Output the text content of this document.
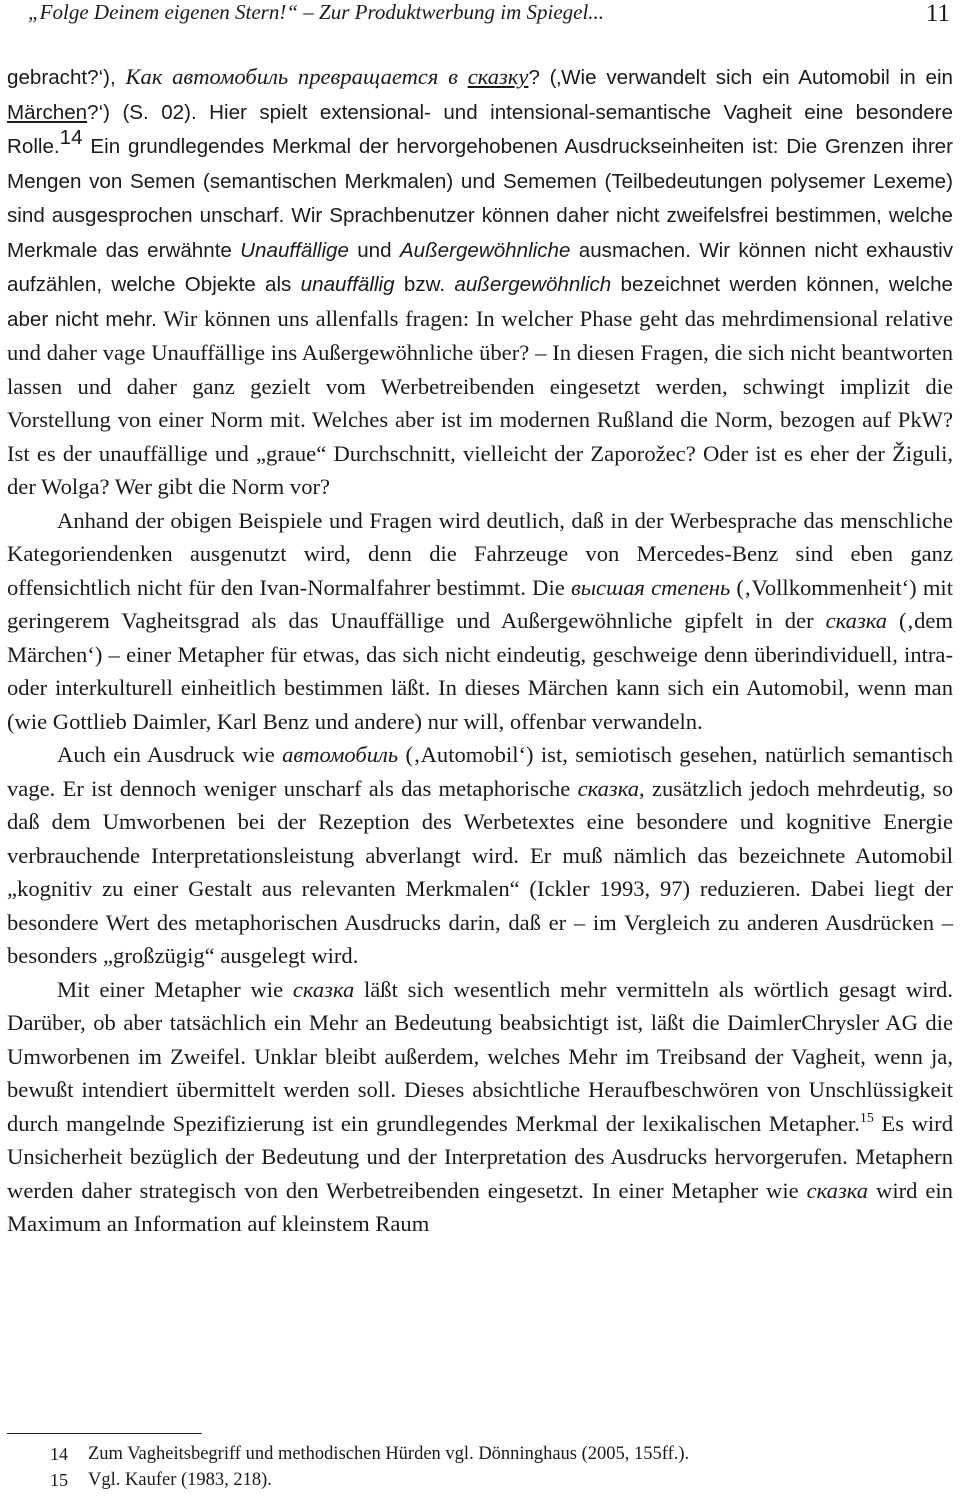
„Folge Deinem eigenen Stern!“ – Zur Produktwerbung im Spiegel...	11

gebracht?‘), Как автомобиль превращается в сказку? (‚Wie verwandelt sich ein Automobil in ein Märchen?‘) (S. 02). Hier spielt extensional- und intensional-semantische Vagheit eine besondere Rolle.$^{14}$ Ein grundlegendes Merkmal der hervorgehobenen Ausdruckseinheiten ist: Die Grenzen ihrer Mengen von Semen (semantischen Merkmalen) und Sememen (Teilbedeutungen polysemer Lexeme) sind ausgesprochen unscharf. Wir Sprachbenutzer können daher nicht zweifelsfrei bestimmen, welche Merkmale das erwähnte Unauffällige und Außergewöhnliche ausmachen. Wir können nicht exhaustiv aufzählen, welche Objekte als unauffällig bzw. außergewöhnlich bezeichnet werden können, welche aber nicht mehr. Wir können uns allenfalls fragen: In welcher Phase geht das mehrdimensional relative und daher vage Unauffällige ins Außergewöhnliche über? – In diesen Fragen, die sich nicht beantworten lassen und daher ganz gezielt vom Werbetreibenden eingesetzt werden, schwingt implizit die Vorstellung von einer Norm mit. Welches aber ist im modernen Rußland die Norm, bezogen auf PkW? Ist es der unauffällige und „graue“ Durchschnitt, vielleicht der Zaporožec? Oder ist es eher der Žiguli, der Wolga? Wer gibt die Norm vor?

Anhand der obigen Beispiele und Fragen wird deutlich, daß in der Werbesprache das menschliche Kategoriendenken ausgenutzt wird, denn die Fahrzeuge von Mercedes-Benz sind eben ganz offensichtlich nicht für den Ivan-Normalfahrer bestimmt. Die высшая степень (‚Vollkommenheit‘) mit geringerem Vagheitsgrad als das Unauffällige und Außergewöhnliche gipfelt in der сказка (‚dem Märchen‘) – einer Metapher für etwas, das sich nicht eindeutig, geschweige denn überindividuell, intra- oder interkulturell einheitlich bestimmen läßt. In dieses Märchen kann sich ein Automobil, wenn man (wie Gottlieb Daimler, Karl Benz und andere) nur will, offenbar verwandeln.

Auch ein Ausdruck wie автомобиль (‚Automobil‘) ist, semiotisch gesehen, natürlich semantisch vage. Er ist dennoch weniger unscharf als das metaphorische сказка, zusätzlich jedoch mehrdeutig, so daß dem Umworbenen bei der Rezeption des Werbetextes eine besondere und kognitive Energie verbrauchende Interpretationsleistung abverlangt wird. Er muß nämlich das bezeichnete Automobil „kognitiv zu einer Gestalt aus relevanten Merkmalen“ (Ickler 1993, 97) reduzieren. Dabei liegt der besondere Wert des metaphorischen Ausdrucks darin, daß er – im Vergleich zu anderen Ausdrücken – besonders „großzügig“ ausgelegt wird.

Mit einer Metapher wie сказка läßt sich wesentlich mehr vermitteln als wörtlich gesagt wird. Darüber, ob aber tatsächlich ein Mehr an Bedeutung beabsichtigt ist, läßt die DaimlerChrysler AG die Umworbenen im Zweifel. Unklar bleibt außerdem, welches Mehr im Treibsand der Vagheit, wenn ja, bewußt intendiert übermittelt werden soll. Dieses absichtliche Heraufbeschwören von Unschlüssigkeit durch mangelnde Spezifizierung ist ein grundlegendes Merkmal der lexikalischen Metapher.$^{15}$ Es wird Unsicherheit bezüglich der Bedeutung und der Interpretation des Ausdrucks hervorgerufen. Metaphern werden daher strategisch von den Werbetreibenden eingesetzt. In einer Metapher wie сказка wird ein Maximum an Information auf kleinstem Raum

14	Zum Vagheitsbegriff und methodischen Hürden vgl. Dönninghaus (2005, 155ff.).
15	Vgl. Kaufer (1983, 218).
